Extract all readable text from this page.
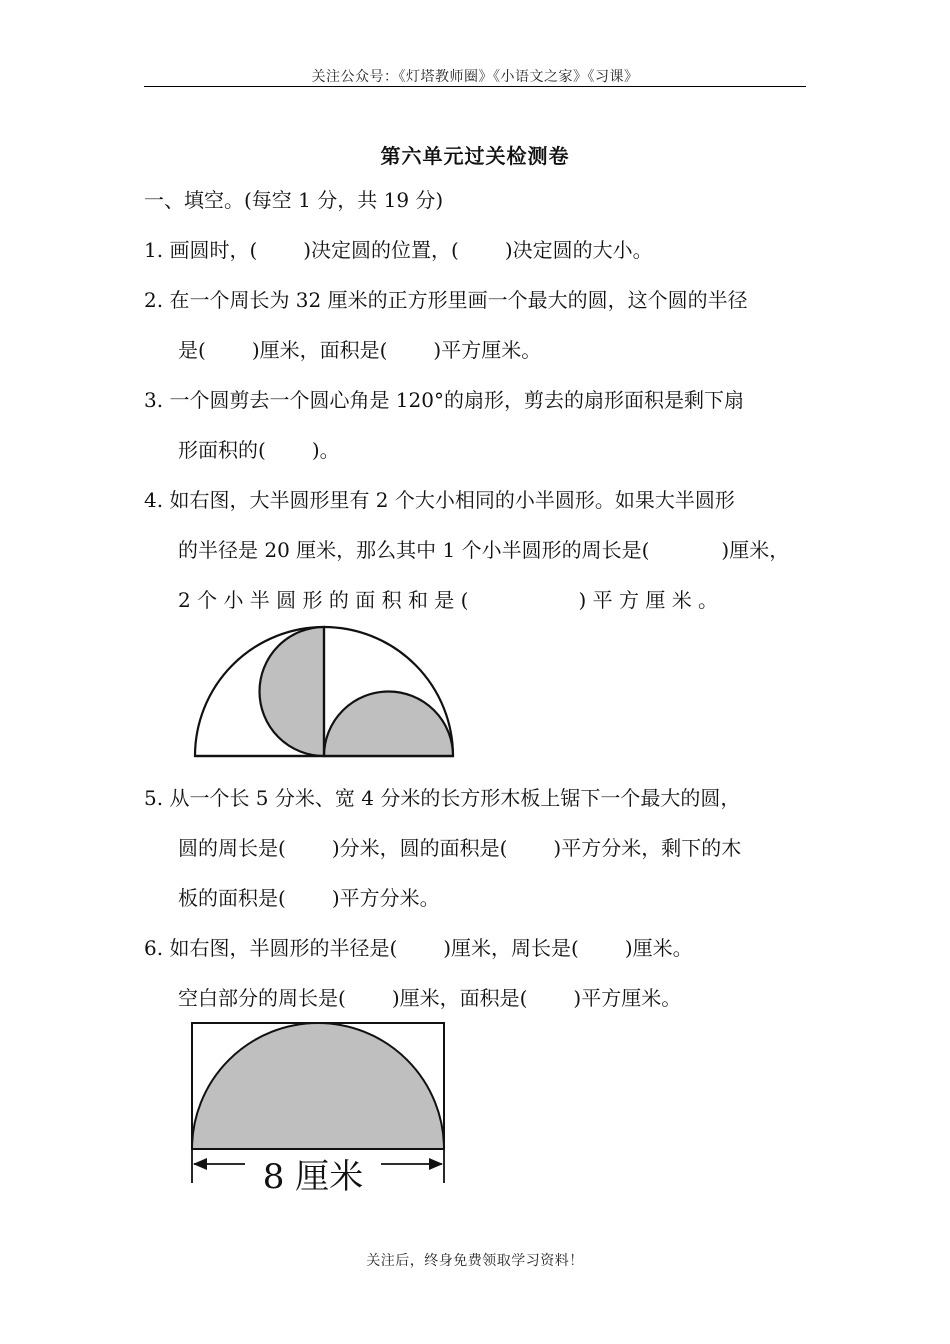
关注公众号：《灯塔教师圈》《小语文之家》《习课》
第六单元过关检测卷
一、填空。(每空 1 分，共 19 分)
1. 画圆时，( )决定圆的位置，( )决定圆的大小。
2. 在一个周长为 32 厘米的正方形里画一个最大的圆，这个圆的半径
是( )厘米，面积是( )平方厘米。
3. 一个圆剪去一个圆心角是 120°的扇形，剪去的扇形面积是剩下扇
形面积的( )。
4. 如右图，大半圆形里有 2 个大小相同的小半圆形。如果大半圆形
的半径是 20 厘米，那么其中 1 个小半圆形的周长是(	)厘米，
2 个 小 半 圆 形 的 面 积 和 是 (	) 平 方 厘 米 。
5. 从一个长 5 分米、宽 4 分米的长方形木板上锯下一个最大的圆，
圆的周长是( )分米，圆的面积是( )平方分米，剩下的木
板的面积是( )平方分米。
6. 如右图，半圆形的半径是( )厘米，周长是( )厘米。
空白部分的周长是( )厘米，面积是( )平方厘米。
8 厘米
关注后，终身免费领取学习资料！
